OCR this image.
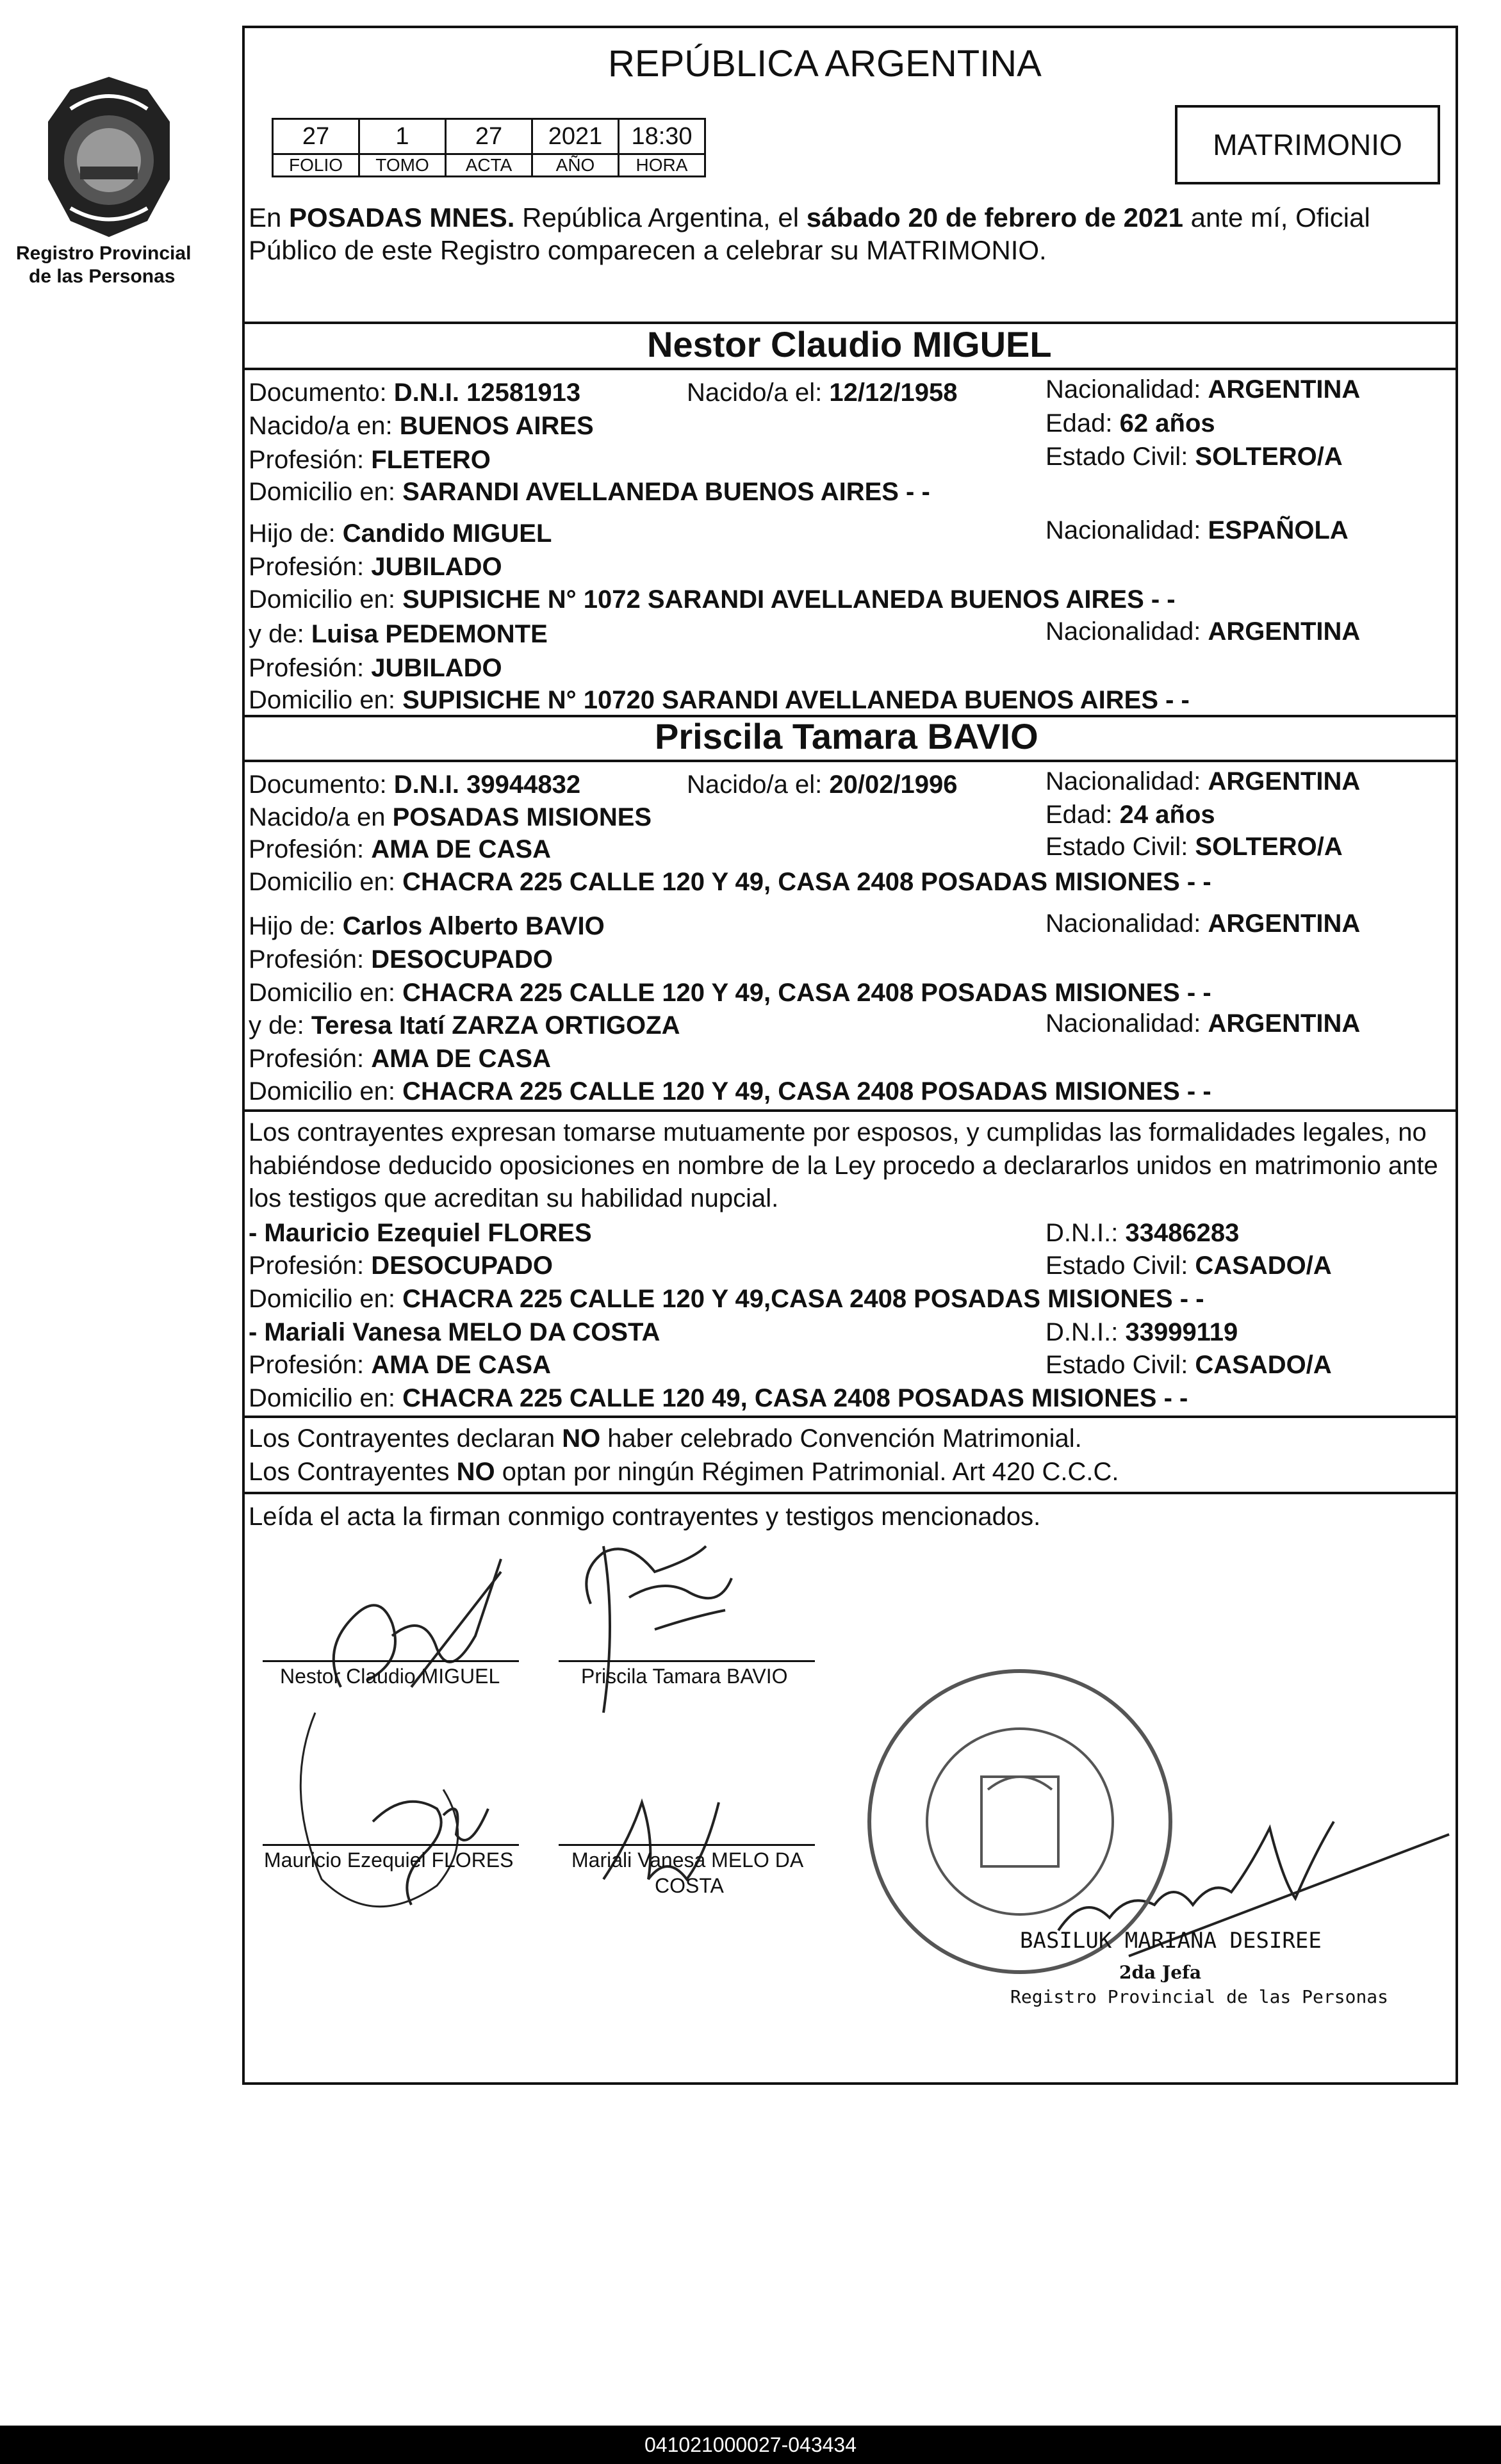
Registro Provincial
de las Personas
REPÚBLICA ARGENTINA
MATRIMONIO
27	1	27	2021	18:30
FOLIO	TOMO	ACTA	AÑO	HORA
En POSADAS MNES. República Argentina, el sábado 20 de febrero de 2021 ante mí, Oficial
Público de este Registro comparecen a celebrar su MATRIMONIO.
Nestor Claudio MIGUEL
Documento: D.N.I. 12581913	Nacido/a el: 12/12/1958	Nacionalidad: ARGENTINA
Nacido/a en: BUENOS AIRES	Edad: 62 años
Profesión: FLETERO	Estado Civil: SOLTERO/A
Domicilio en: SARANDI AVELLANEDA BUENOS AIRES - -
Hijo de: Candido MIGUEL	Nacionalidad: ESPAÑOLA
Profesión: JUBILADO
Domicilio en: SUPISICHE N° 1072 SARANDI AVELLANEDA BUENOS AIRES - -
y de: Luisa PEDEMONTE	Nacionalidad: ARGENTINA
Profesión: JUBILADO
Domicilio en: SUPISICHE N° 10720 SARANDI AVELLANEDA BUENOS AIRES - -
Priscila Tamara BAVIO
Documento: D.N.I. 39944832	Nacido/a el: 20/02/1996	Nacionalidad: ARGENTINA
Nacido/a en POSADAS MISIONES	Edad: 24 años
Profesión: AMA DE CASA	Estado Civil: SOLTERO/A
Domicilio en: CHACRA 225 CALLE 120 Y 49, CASA 2408 POSADAS MISIONES - -
Hijo de: Carlos Alberto BAVIO	Nacionalidad: ARGENTINA
Profesión: DESOCUPADO
Domicilio en: CHACRA 225 CALLE 120 Y 49, CASA 2408 POSADAS MISIONES - -
y de: Teresa Itatí ZARZA ORTIGOZA	Nacionalidad: ARGENTINA
Profesión: AMA DE CASA
Domicilio en: CHACRA 225 CALLE 120 Y 49, CASA 2408 POSADAS MISIONES - -
Los contrayentes expresan tomarse mutuamente por esposos, y cumplidas las formalidades legales, no
habiéndose deducido oposiciones en nombre de la Ley procedo a declararlos unidos en matrimonio ante
los testigos que acreditan su habilidad nupcial.
- Mauricio Ezequiel FLORES	D.N.I.: 33486283
Profesión: DESOCUPADO	Estado Civil: CASADO/A
Domicilio en: CHACRA 225 CALLE 120 Y 49,CASA 2408 POSADAS MISIONES - -
- Mariali Vanesa MELO DA COSTA	D.N.I.: 33999119
Profesión: AMA DE CASA	Estado Civil: CASADO/A
Domicilio en: CHACRA 225 CALLE 120 49, CASA 2408 POSADAS MISIONES - -
Los Contrayentes declaran NO haber celebrado Convención Matrimonial.
Los Contrayentes NO optan por ningún Régimen Patrimonial. Art 420 C.C.C.
Leída el acta la firman conmigo contrayentes y testigos mencionados.
Nestor Claudio MIGUEL	Priscila Tamara BAVIO
Mauricio Ezequiel FLORES	Mariali Vanesa MELO DA
COSTA
BASILUK MARIANA DESIREE
2da Jefa
Registro Provincial de las Personas
041021000027-043434
